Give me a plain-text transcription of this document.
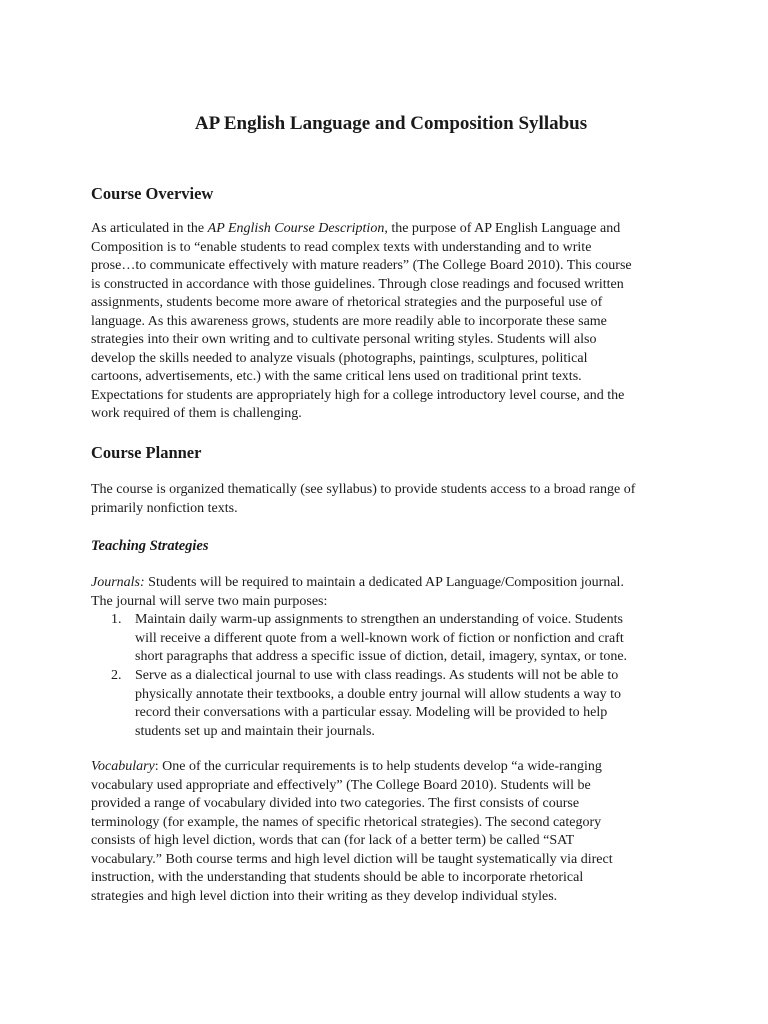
AP English Language and Composition Syllabus
Course Overview

As articulated in the AP English Course Description, the purpose of AP English Language and

Composition is to “enable students to read complex texts with understanding and to write

prose…to communicate effectively with mature readers” (The College Board 2010). This course

is constructed in accordance with those guidelines. Through close readings and focused written

assignments, students become more aware of rhetorical strategies and the purposeful use of

language. As this awareness grows, students are more readily able to incorporate these same

strategies into their own writing and to cultivate personal writing styles. Students will also

develop the skills needed to analyze visuals (photographs, paintings, sculptures, political

cartoons, advertisements, etc.) with the same critical lens used on traditional print texts.

Expectations for students are appropriately high for a college introductory level course, and the

work required of them is challenging.

Course Planner

The course is organized thematically (see syllabus) to provide students access to a broad range of

primarily nonfiction texts.

Teaching Strategies

Journals: Students will be required to maintain a dedicated AP Language/Composition journal.

The journal will serve two main purposes:

1. Maintain daily warm-up assignments to strengthen an understanding of voice. Students

will receive a different quote from a well-known work of fiction or nonfiction and craft

short paragraphs that address a specific issue of diction, detail, imagery, syntax, or tone.

2. Serve as a dialectical journal to use with class readings. As students will not be able to

physically annotate their textbooks, a double entry journal will allow students a way to

record their conversations with a particular essay. Modeling will be provided to help

students set up and maintain their journals.

Vocabulary: One of the curricular requirements is to help students develop “a wide-ranging

vocabulary used appropriate and effectively” (The College Board 2010). Students will be

provided a range of vocabulary divided into two categories. The first consists of course

terminology (for example, the names of specific rhetorical strategies). The second category

consists of high level diction, words that can (for lack of a better term) be called “SAT

vocabulary.” Both course terms and high level diction will be taught systematically via direct

instruction, with the understanding that students should be able to incorporate rhetorical

strategies and high level diction into their writing as they develop individual styles.
